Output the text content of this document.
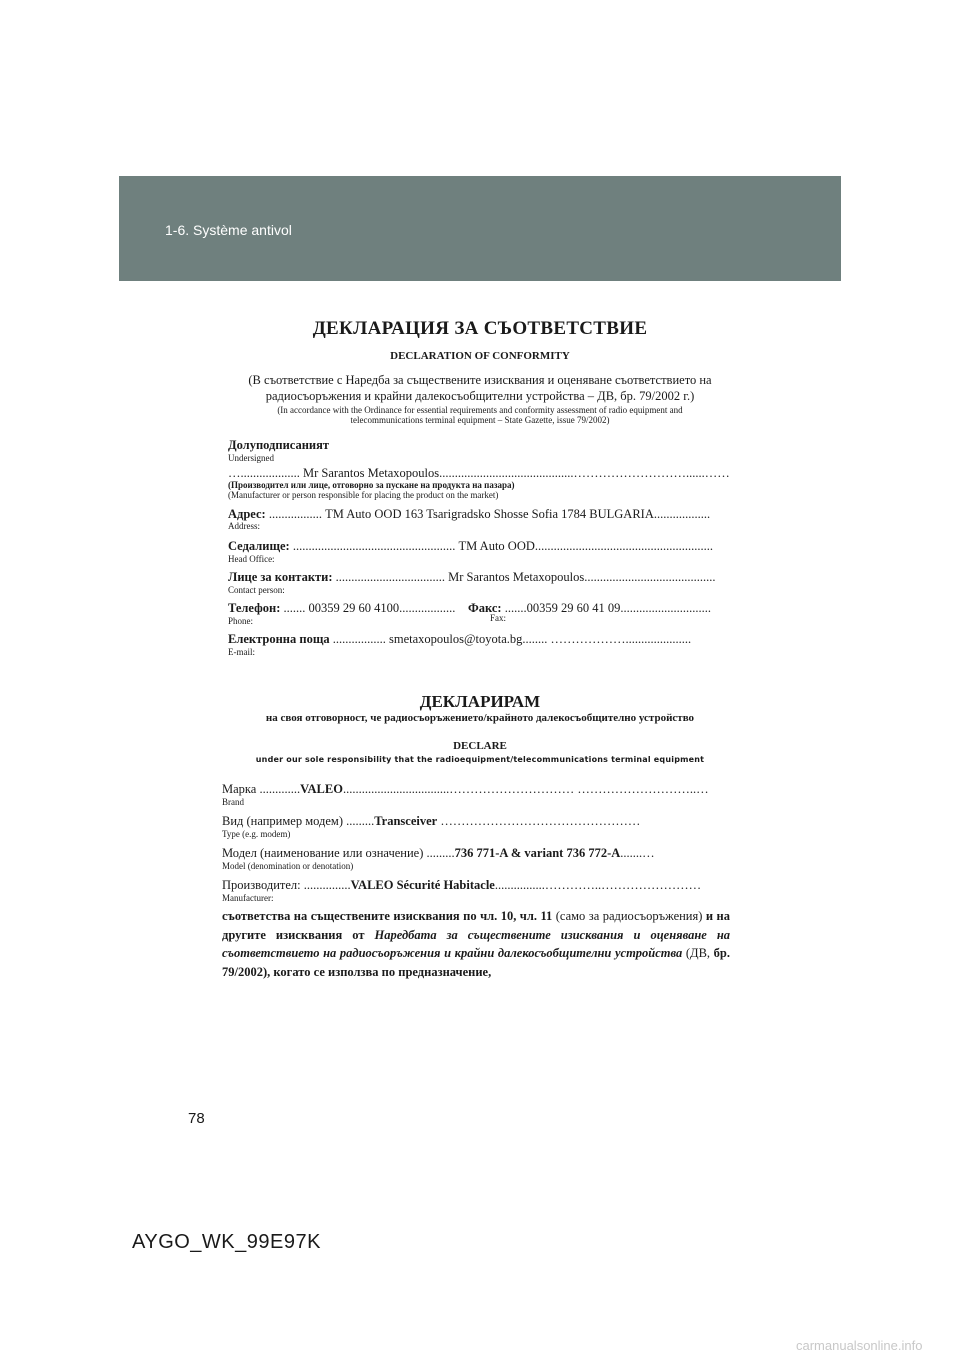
1-6. Système antivol
ДЕКЛАРАЦИЯ ЗА СЪОТВЕТСТВИЕ
DECLARATION OF CONFORMITY
(В съответствие с Наредба за съществените изисквания и оценяване съответствието на
радиосъоръжения и крайни далекосъобщителни устройства – ДВ, бр. 79/2002 г.)
(In accordance with the Ordinance for essential requirements and conformity assessment of radio equipment and
telecommunications terminal equipment – State Gazette, issue 79/2002)
Долуподписаният
Undersigned
…................... Mr Sarantos Metaxopoulos...........................................………………………......……
(Производител или лице, отговорно за пускане на продукта на пазара)
(Manufacturer or person responsible for placing the product on the market)
Адрес: ................. TM Auto OOD 163 Tsarigradsko Shosse Sofia 1784 BULGARIA..................
Address:
Седалище: .................................................... TM Auto OOD.........................................................
Head Office:
Лице за контакти: ................................... Mr Sarantos Metaxopoulos..........................................
Contact person:
Телефон: ....... 00359 29 60 4100..................
Phone:
Факс: .......00359 29 60 41 09.............................
Fax:
Електронна поща ................. smetaxopoulos@toyota.bg........ ……………….....................
E-mail:
ДЕКЛАРИРАМ
на своя отговорност, че радиосъоръжението/крайното далекосъобщително устройство
DECLARE
under our sole responsibility that the radioequipment/telecommunications terminal equipment
Марка .............VALEO..................................………………………… ………………………..…
Brand
Вид (например модем) .........Transceiver …………………………………………
Type (e.g. modem)
Модел (наименование или означение) .........736 771-A & variant 736 772-A.......…
Model (denomination or denotation)
Производител: ...............VALEO Sécurité Habitacle................…………..……………………
Manufacturer:
съответства на съществените изисквания по чл. 10, чл. 11 (само за радиосъоръжения) и на другите изисквания от Наредбата за съществените изисквания и оценяване на съответствието на радиосъоръжения и крайни далекосъобщителни устройства (ДВ, бр. 79/2002), когато се използва по предназначение,
78
AYGO_WK_99E97K
carmanualsonline.info
